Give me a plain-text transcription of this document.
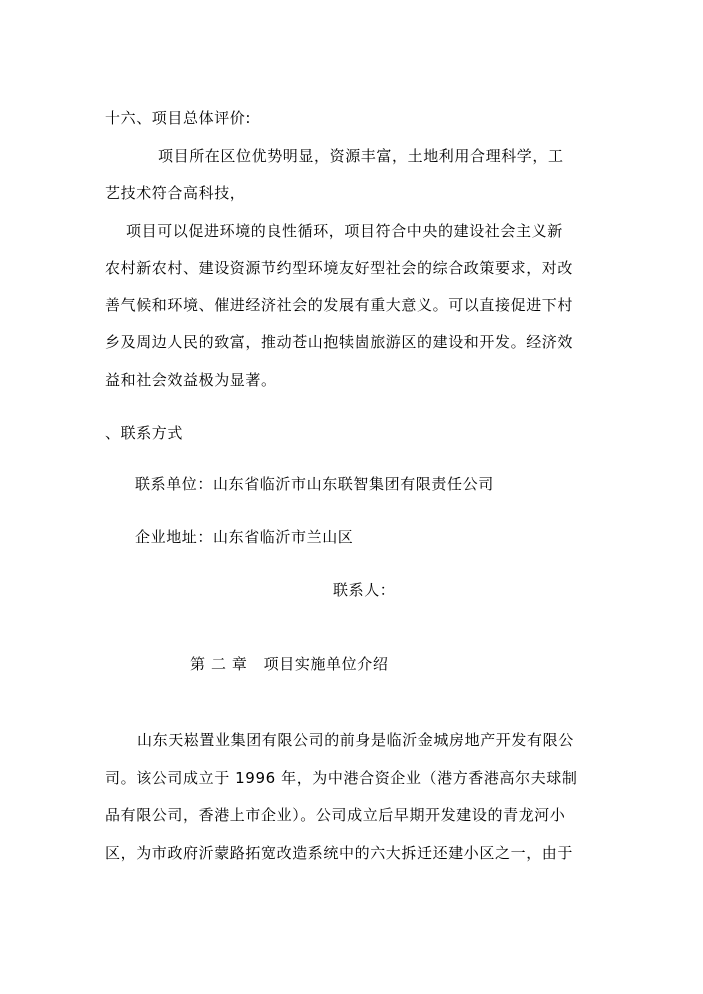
十六、项目总体评价:
项目所在区位优势明显，资源丰富，土地利用合理科学，工
艺技术符合高科技，
项目可以促进环境的良性循环，项目符合中央的建设社会主义新
农村新农村、建设资源节约型环境友好型社会的综合政策要求，对改
善气候和环境、催进经济社会的发展有重大意义。可以直接促进下村
乡及周边人民的致富，推动苍山抱犊崮旅游区的建设和开发。经济效
益和社会效益极为显著。
、联系方式
联系单位：山东省临沂市山东联智集团有限责任公司
企业地址：山东省临沂市兰山区
联系人：
第 二 章   项目实施单位介绍
山东天崧置业集团有限公司的前身是临沂金城房地产开发有限公
司。该公司成立于 1996 年，为中港合资企业（港方香港高尔夫球制
品有限公司，香港上市企业）。公司成立后早期开发建设的青龙河小
区，为市政府沂蒙路拓宽改造系统中的六大拆迁还建小区之一，由于
